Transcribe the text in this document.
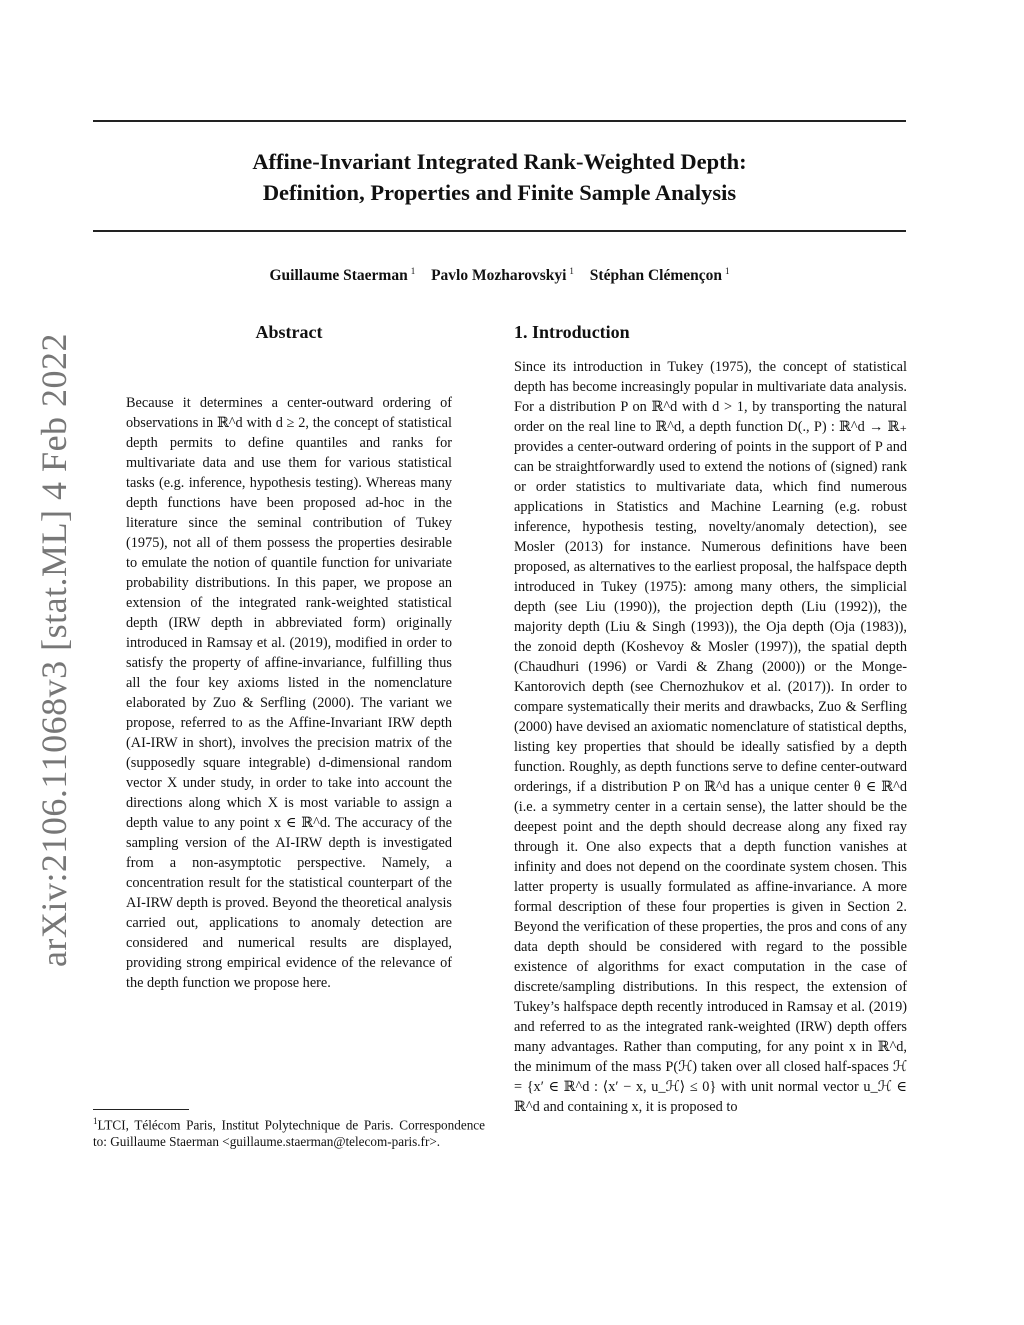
arXiv:2106.11068v3 [stat.ML] 4 Feb 2022
Affine-Invariant Integrated Rank-Weighted Depth:
Definition, Properties and Finite Sample Analysis
Guillaume Staerman $^1$ Pavlo Mozharovskyi $^1$ Stéphan Clémençon $^1$
Abstract

Because it determines a center-outward ordering of observations in ℝ^d with d ≥ 2, the concept of statistical depth permits to define quantiles and ranks for multivariate data and use them for various statistical tasks (e.g. inference, hypothesis testing). Whereas many depth functions have been proposed ad-hoc in the literature since the seminal contribution of Tukey (1975), not all of them possess the properties desirable to emulate the notion of quantile function for univariate probability distributions. In this paper, we propose an extension of the integrated rank-weighted statistical depth (IRW depth in abbreviated form) originally introduced in Ramsay et al. (2019), modified in order to satisfy the property of affine-invariance, fulfilling thus all the four key axioms listed in the nomenclature elaborated by Zuo & Serfling (2000). The variant we propose, referred to as the Affine-Invariant IRW depth (AI-IRW in short), involves the precision matrix of the (supposedly square integrable) d-dimensional random vector X under study, in order to take into account the directions along which X is most variable to assign a depth value to any point x ∈ ℝ^d. The accuracy of the sampling version of the AI-IRW depth is investigated from a non-asymptotic perspective. Namely, a concentration result for the statistical counterpart of the AI-IRW depth is proved. Beyond the theoretical analysis carried out, applications to anomaly detection are considered and numerical results are displayed, providing strong empirical evidence of the relevance of the depth function we propose here.

1. Introduction

Since its introduction in Tukey (1975), the concept of statistical depth has become increasingly popular in multivariate data analysis. For a distribution P on ℝ^d with d > 1, by transporting the natural order on the real line to ℝ^d, a depth function D(., P) : ℝ^d → ℝ₊ provides a center-outward ordering of points in the support of P and can be straightforwardly used to extend the notions of (signed) rank or order statistics to multivariate data, which find numerous applications in Statistics and Machine Learning (e.g. robust inference, hypothesis testing, novelty/anomaly detection), see Mosler (2013) for instance. Numerous definitions have been proposed, as alternatives to the earliest proposal, the halfspace depth introduced in Tukey (1975): among many others, the simplicial depth (see Liu (1990)), the projection depth (Liu (1992)), the majority depth (Liu & Singh (1993)), the Oja depth (Oja (1983)), the zonoid depth (Koshevoy & Mosler (1997)), the spatial depth (Chaudhuri (1996) or Vardi & Zhang (2000)) or the Monge-Kantorovich depth (see Chernozhukov et al. (2017)). In order to compare systematically their merits and drawbacks, Zuo & Serfling (2000) have devised an axiomatic nomenclature of statistical depths, listing key properties that should be ideally satisfied by a depth function. Roughly, as depth functions serve to define center-outward orderings, if a distribution P on ℝ^d has a unique center θ ∈ ℝ^d (i.e. a symmetry center in a certain sense), the latter should be the deepest point and the depth should decrease along any fixed ray through it. One also expects that a depth function vanishes at infinity and does not depend on the coordinate system chosen. This latter property is usually formulated as affine-invariance. A more formal description of these four properties is given in Section 2. Beyond the verification of these properties, the pros and cons of any data depth should be considered with regard to the possible existence of algorithms for exact computation in the case of discrete/sampling distributions. In this respect, the extension of Tukey’s halfspace depth recently introduced in Ramsay et al. (2019) and referred to as the integrated rank-weighted (IRW) depth offers many advantages. Rather than computing, for any point x in ℝ^d, the minimum of the mass P(ℋ) taken over all closed half-spaces ℋ = {x′ ∈ ℝ^d : ⟨x′ − x, u_ℋ⟩ ≤ 0} with unit normal vector u_ℋ ∈ ℝ^d and containing x, it is proposed to

$^1$LTCI, Télécom Paris, Institut Polytechnique de Paris. Correspondence to: Guillaume Staerman <guillaume.staerman@telecom-paris.fr>.
